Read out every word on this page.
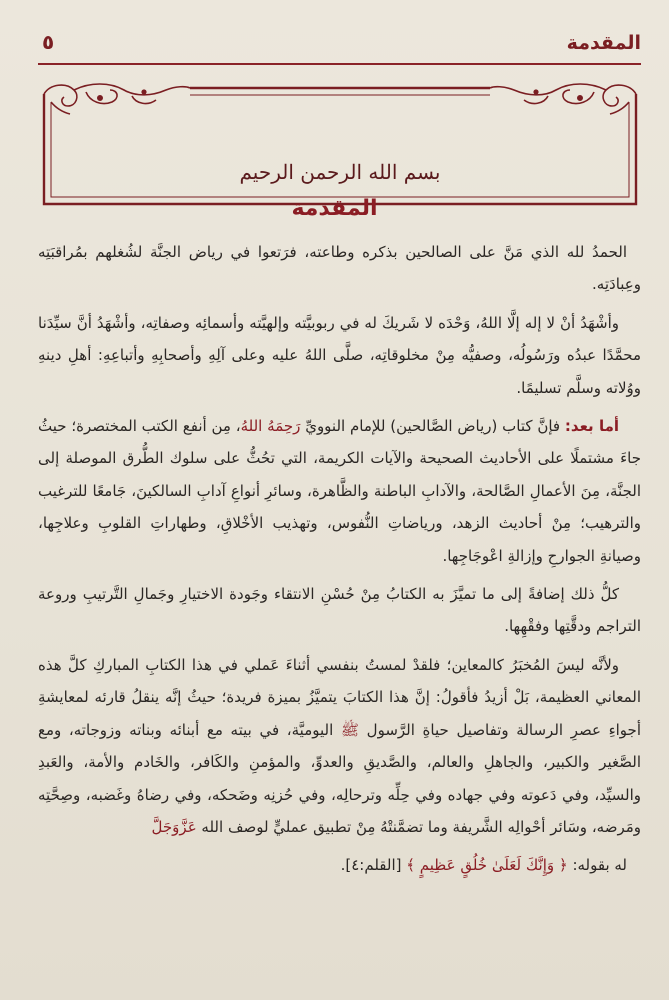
المقدمة
٥
بسم الله الرحمن الرحيم
المقدمة

الحمدُ لله الذي مَنَّ على الصالحين بذكره وطاعته، فرَتعوا في رياض الجنَّة لشُغلهم بمُراقبَتِه وعِبادَتِه.

وأشْهَدُ أنْ لا إله إلَّا اللهُ، وَحْدَه لا شَريكَ له في ربوبيَّته وإلهيَّته وأسمائِه وصفاتِه، وأشْهَدُ أنَّ سيِّدَنا محمَّدًا عبدُه ورَسُولُه، وصفيُّه مِنْ مخلوقاتِه، صلَّى اللهُ عليه وعلى آلِهِ وأصحابِهِ وأتباعِهِ: أهلِ دينهِ ووُلاته وسلَّم تسليمًا.

أما بعد: فإنَّ كتاب (رياض الصَّالحين) للإمام النوويِّ رَحِمَهُ اللهُ، مِن أنفع الكتب المختصرة؛ حيثُ جاءَ مشتملًا على الأحاديث الصحيحة والآيات الكريمة، التي تحُثُّ على سلوك الطُّرق الموصلة إلى الجنَّة، مِنَ الأعمالِ الصَّالحة، والآدابِ الباطنة والظَّاهرة، وسائرِ أنواعِ آدابِ السالكينَ، جَامعًا للترغيب والترهيب؛ مِنْ أحاديث الزهد، ورياضاتِ النُّفوس، وتهذيب الأخْلاقِ، وطهاراتِ القلوبِ وعلاجِها، وصيانةِ الجوارحِ وإزالةِ اعْوجَاجِها.

كلُّ ذلك إضافةً إلى ما تميَّزَ به الكتابُ مِنْ حُسْنِ الانتقاء وجَودة الاختيارِ وجَمالِ التَّرتيبِ وروعة التراجم ودقَّتِها وفقْهِها.

ولأنَّه ليسَ المُخبَرُ كالمعاين؛ فلقدْ لمستُ بنفسي أثناءَ عَملي في هذا الكتابِ المباركِ كلَّ هذه المعاني العظيمة، بَلْ أزيدُ فأقولُ: إنَّ هذا الكتابَ يتميَّزُ بميزة فريدة؛ حيثُ إنَّه ينقلُ قارئه لمعايشةِ أجواءِ عصرِ الرسالة وتفاصيل حياةِ الرَّسول ﷺ اليوميَّة، في بيته مع أبنائه وبناته وزوجاته، ومع الصَّغير والكبير، والجاهلِ والعالم، والصَّديقِ والعدوِّ، والمؤمنِ والكَافر، والخَادم والأمة، والعَبدِ والسيِّد، وفي دَعوته وفي جهاده وفي حِلِّه وترحالِه، وفي حُزنِه وضَحكه، وفي رضاهُ وغَضبه، وصِحَّتِه ومَرضه، وسَائر أحْوالِه الشَّريفة وما تضمَّنتْهُ مِنْ تطبيق عمليٍّ لوصف الله عَزَّوَجَلَّ

له بقوله: ﴿ وَإِنَّكَ لَعَلَىٰ خُلُقٍ عَظِيمٍ ﴾ [القلم:٤].
